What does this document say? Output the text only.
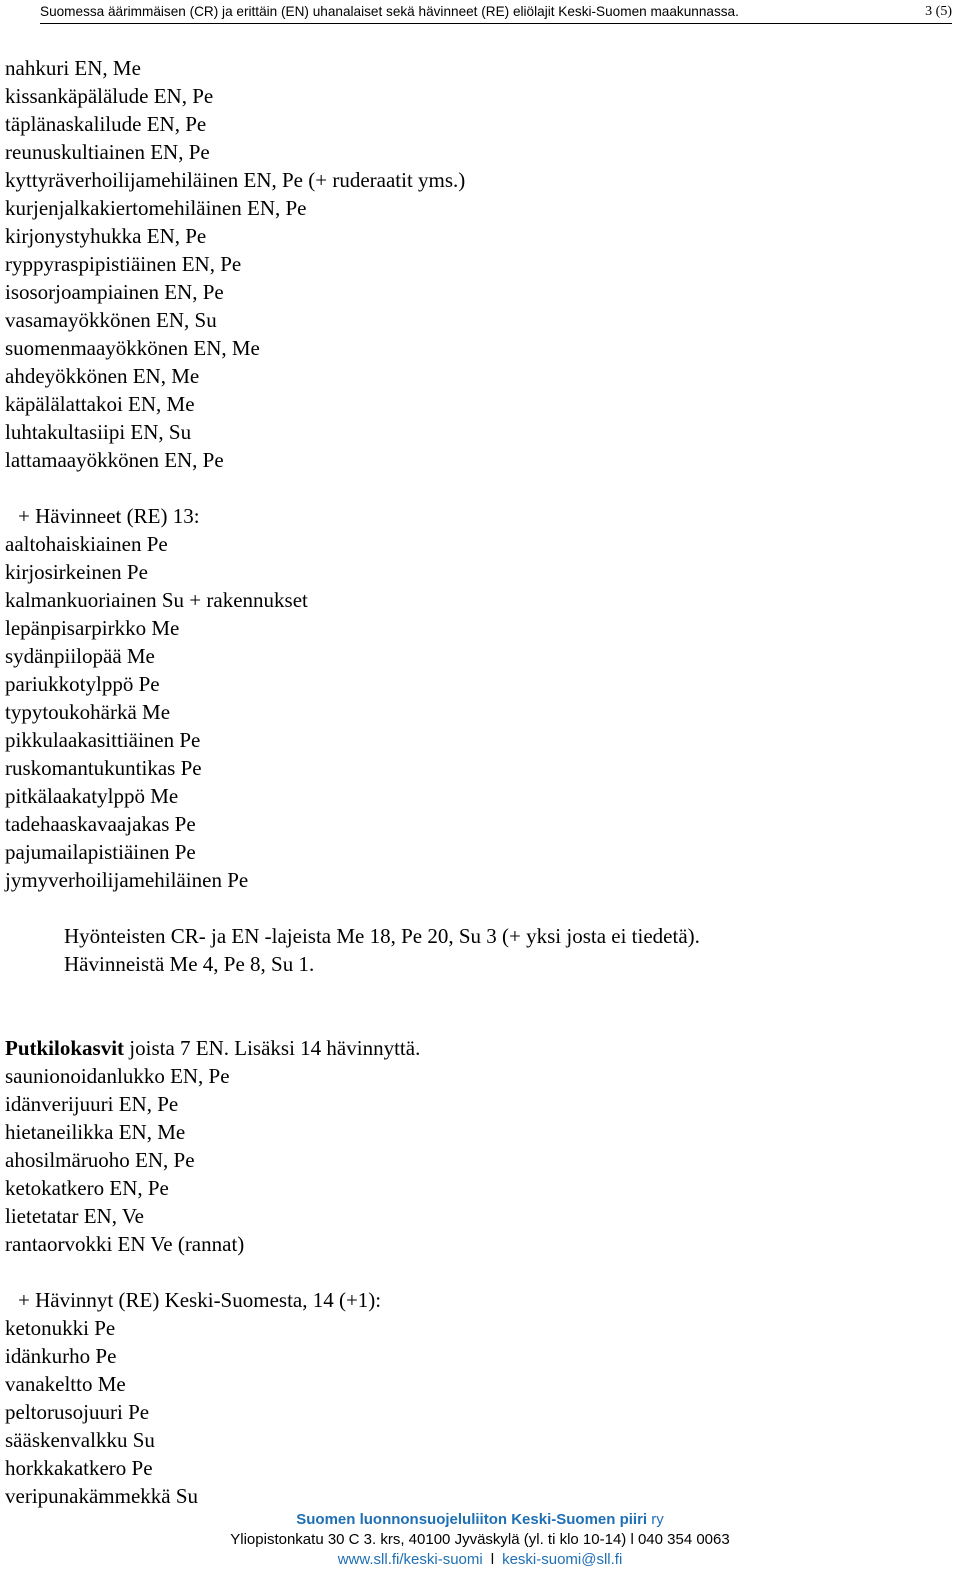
Suomessa äärimmäisen (CR) ja erittäin (EN) uhanalaiset sekä hävinneet (RE) eliölajit Keski-Suomen maakunnassa.	3 (5)
nahkuri EN, Me
kissankäpälälude EN, Pe
täplänaskalilude EN, Pe
reunuskultiainen EN, Pe
kyttyräverhoilijamehiläinen EN, Pe (+ ruderaatit yms.)
kurjenjalkakiertomehiläinen EN, Pe
kirjonystyhukka EN, Pe
ryppyraspipistiäinen EN, Pe
isosorjoampiainen EN, Pe
vasamayökkönen EN, Su
suomenmaayökkönen EN, Me
ahdeyökkönen EN, Me
käpälälattakoi EN, Me
luhtakultasiipi EN, Su
lattamaayökkönen EN, Pe
+ Hävinneet (RE) 13:
aaltohaiskiainen Pe
kirjosirkeinen Pe
kalmankuoriainen Su + rakennukset
lepänpisarpirkko Me
sydänpiilopää Me
pariukkotylppö Pe
typytoukohärkä Me
pikkulaakasittiäinen Pe
ruskomantukuntikas Pe
pitkälaakatylppö Me
tadehaaskavaajakas Pe
pajumailapistiäinen Pe
jymyverhoilijamehiläinen Pe
Hyönteisten CR- ja EN -lajeista Me 18, Pe 20, Su 3 (+ yksi josta ei tiedetä).
Hävinneistä Me 4, Pe 8, Su 1.
Putkilokasvit joista 7 EN. Lisäksi 14 hävinnyttä.
saunionoidanlukko EN, Pe
idänverijuuri EN, Pe
hietaneilikka EN, Me
ahosilmäruoho EN, Pe
ketokatkero EN, Pe
lietetatar EN, Ve
rantaorvokki EN Ve (rannat)
+ Hävinnyt (RE) Keski-Suomesta, 14 (+1):
ketonukki Pe
idänkurho Pe
vanakeltto Me
peltorusojuuri Pe
sääskenvalkku Su
horkkakatkero Pe
veripunakämmekkä Su
Suomen luonnonsuojeluliiton Keski-Suomen piiri ry
Yliopistonkatu 30 C 3. krs, 40100 Jyväskylä (yl. ti klo 10-14) l 040 354 0063
www.sll.fi/keski-suomi l keski-suomi@sll.fi
